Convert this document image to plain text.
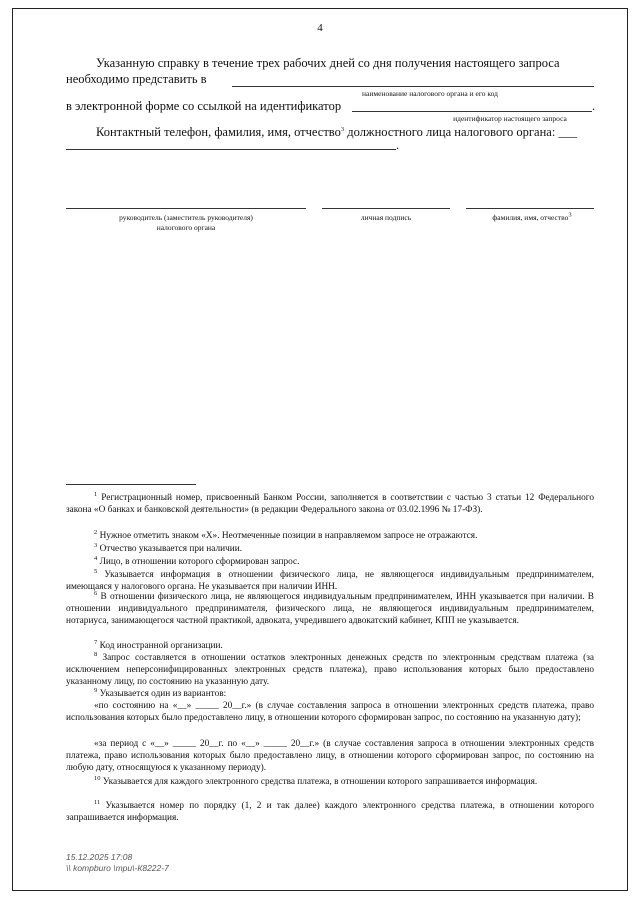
4
Указанную справку в течение трех рабочих дней со дня получения настоящего запроса
необходимо представить в
наименование налогового органа и его код
в электронной форме со ссылкой на идентификатор	.
идентификатор настоящего запроса
Контактный телефон, фамилия, имя, отчество$^3$ должностного лица налогового органа: ___
.
руководитель (заместитель руководителя)
налогового органа
личная подпись	фамилия, имя, отчество$^3$
$^1$ Регистрационный номер, присвоенный Банком России, заполняется в соответствии с частью 3 статьи 12 Федерального закона «О банках и банковской деятельности» (в редакции Федерального закона от 03.02.1996 № 17-ФЗ).
$^2$ Нужное отметить знаком «Х». Неотмеченные позиции в направляемом запросе не отражаются.
$^3$ Отчество указывается при наличии.
$^4$ Лицо, в отношении которого сформирован запрос.
$^5$ Указывается информация в отношении физического лица, не являющегося индивидуальным предпринимателем, имеющаяся у налогового органа. Не указывается при наличии ИНН.
$^6$ В отношении физического лица, не являющегося индивидуальным предпринимателем, ИНН указывается при наличии. В отношении индивидуального предпринимателя, физического лица, не являющегося индивидуальным предпринимателем, нотариуса, занимающегося частной практикой, адвоката, учредившего адвокатский кабинет, КПП не указывается.
$^7$ Код иностранной организации.
$^8$ Запрос составляется в отношении остатков электронных денежных средств по электронным средствам платежа (за исключением неперсонифицированных электронных средств платежа), право использования которых было предоставлено указанному лицу, по состоянию на указанную дату.
$^9$ Указывается один из вариантов:
«по состоянию на «__» _____ 20__г.» (в случае составления запроса в отношении электронных средств платежа, право использования которых было предоставлено лицу, в отношении которого сформирован запрос, по состоянию на указанную дату);
«за период с «__» _____ 20__г. по «__» _____ 20__г.» (в случае составления запроса в отношении электронных средств платежа, право использования которых было предоставлено лицу, в отношении которого сформирован запрос, по состоянию на любую дату, относящуюся к указанному периоду).
$^{10}$ Указывается для каждого электронного средства платежа, в отношении которого запрашивается информация.
$^{11}$ Указывается номер по порядку (1, 2 и так далее) каждого электронного средства платежа, в отношении которого запрашивается информация.
15.12.2025 17:08
\\ kompburo \mpu\-К8222-7
